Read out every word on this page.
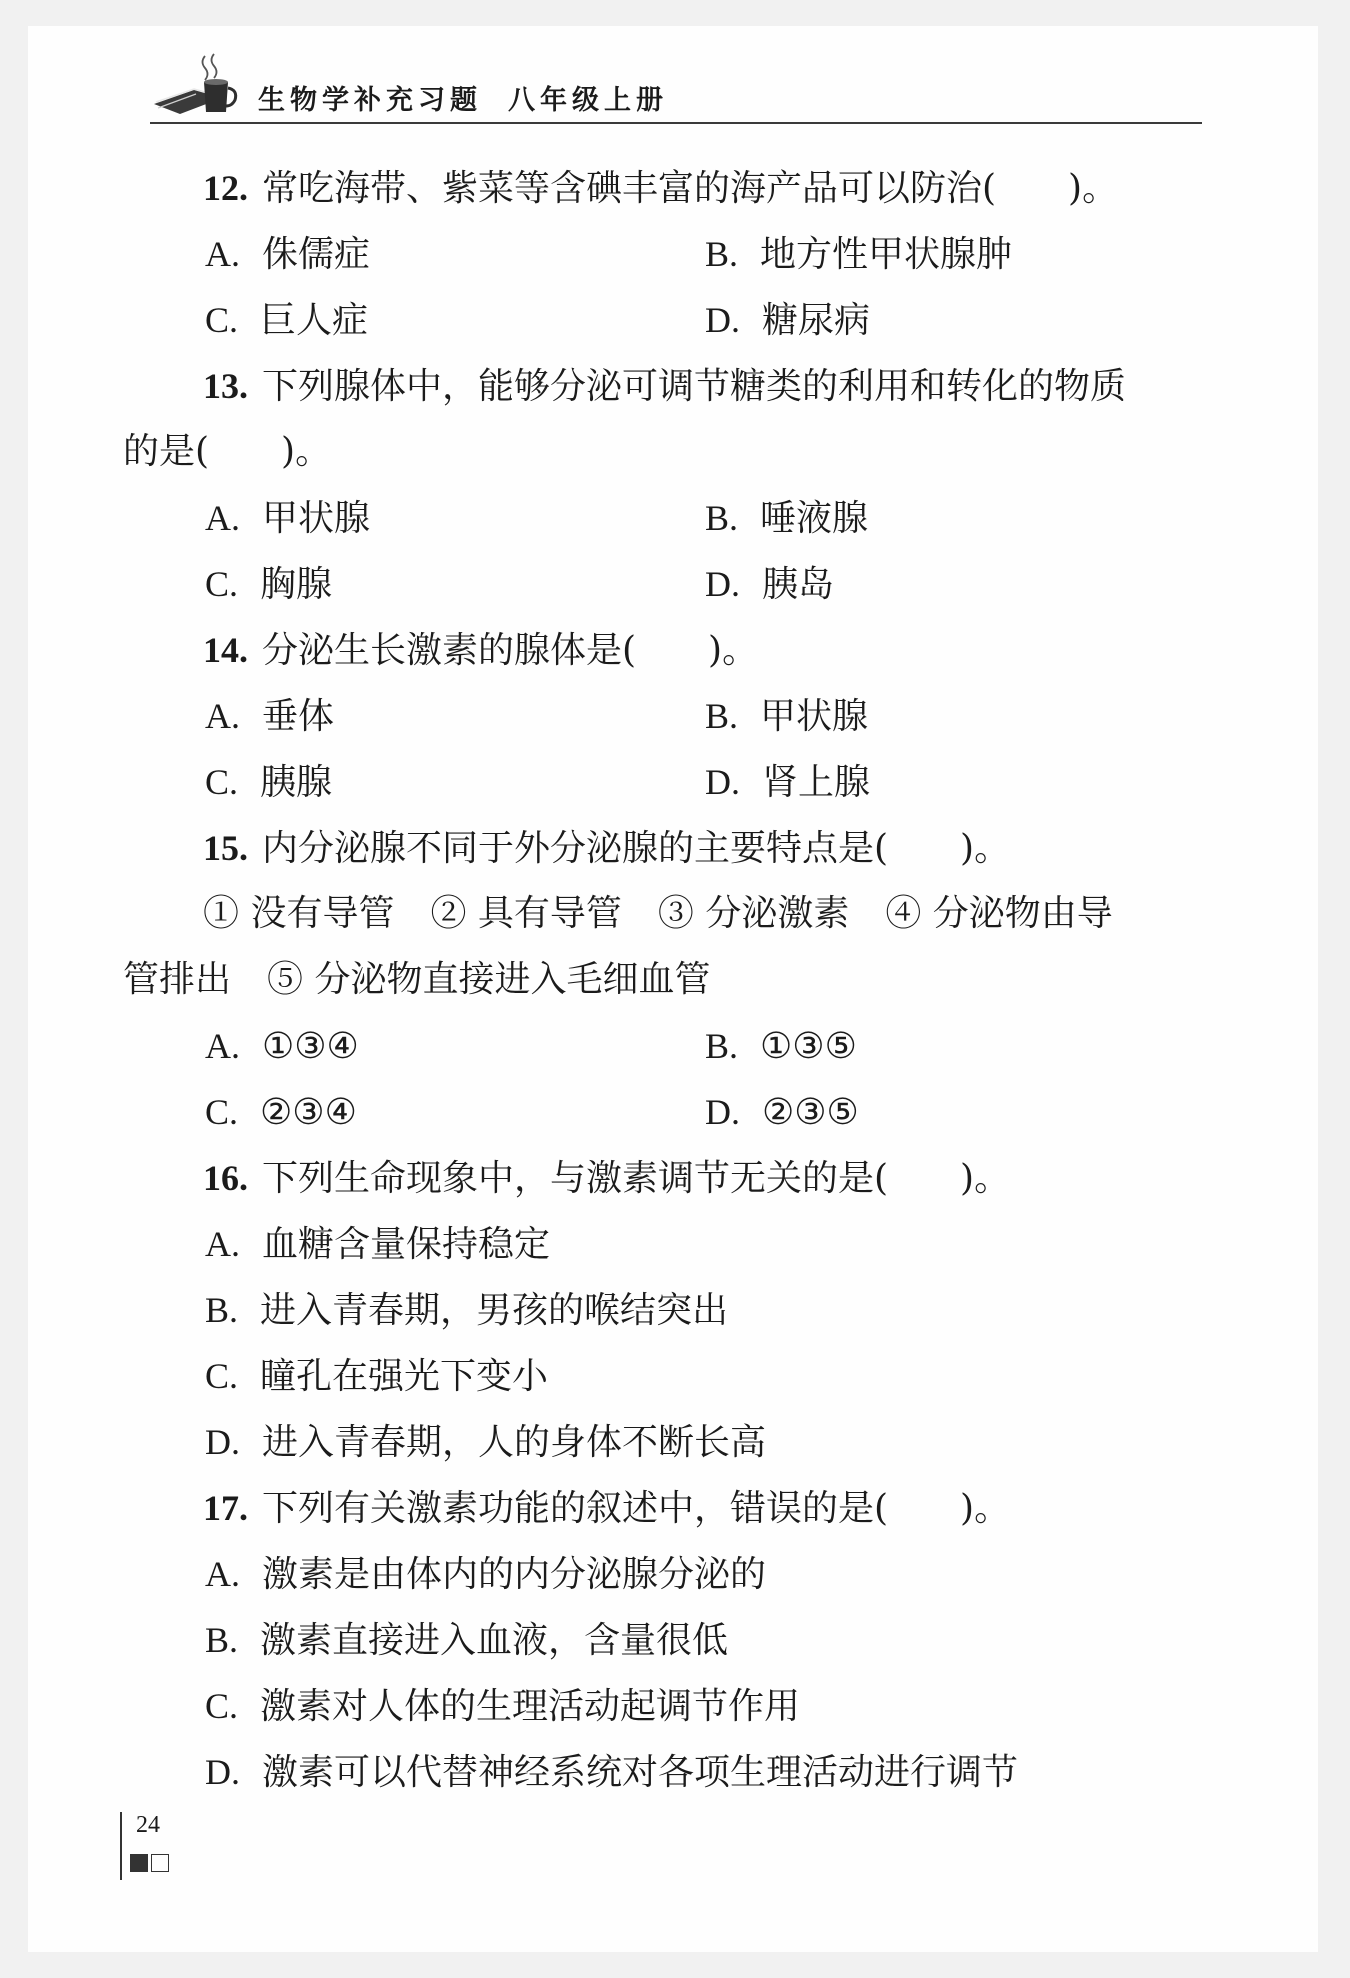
生物学补充习题 八年级上册
12. 常吃海带、紫菜等含碘丰富的海产品可以防治(　　)。
A. 侏儒症	B. 地方性甲状腺肿
C. 巨人症	D. 糖尿病
13. 下列腺体中，能够分泌可调节糖类的利用和转化的物质
的是(　　)。
A. 甲状腺	B. 唾液腺
C. 胸腺	D. 胰岛
14. 分泌生长激素的腺体是(　　)。
A. 垂体	B. 甲状腺
C. 胰腺	D. 肾上腺
15. 内分泌腺不同于外分泌腺的主要特点是(　　)。
① 没有导管　② 具有导管　③ 分泌激素　④ 分泌物由导
管排出　⑤ 分泌物直接进入毛细血管
A. ①③④	B. ①③⑤
C. ②③④	D. ②③⑤
16. 下列生命现象中，与激素调节无关的是(　　)。
A. 血糖含量保持稳定
B. 进入青春期，男孩的喉结突出
C. 瞳孔在强光下变小
D. 进入青春期，人的身体不断长高
17. 下列有关激素功能的叙述中，错误的是(　　)。
A. 激素是由体内的内分泌腺分泌的
B. 激素直接进入血液，含量很低
C. 激素对人体的生理活动起调节作用
D. 激素可以代替神经系统对各项生理活动进行调节
24
